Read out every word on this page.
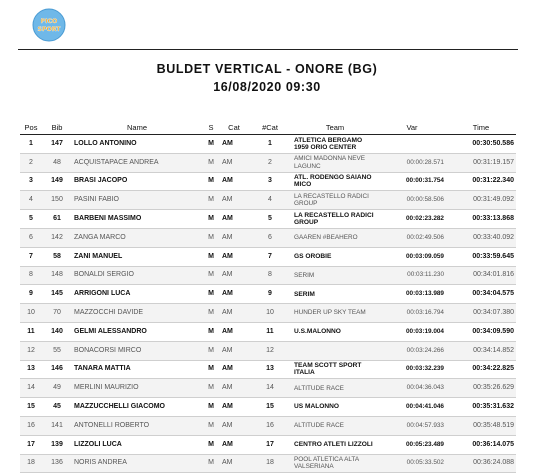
PICO
SPORT
BULDET VERTICAL - ONORE (BG)
16/08/2020 09:30
Pos	Bib	Name	S	Cat	#Cat	Team	Var	Time
1	147	LOLLO ANTONINO	M	AM	1	ATLETICA BERGAMO 1959 ORIO CENTER		00:30:50.586
2	48	ACQUISTAPACE ANDREA	M	AM	2	AMICI MADONNA NEVE LAGUNC	00:00:28.571	00:31:19.157
3	149	BRASI JACOPO	M	AM	3	ATL. RODENGO SAIANO MICO	00:00:31.754	00:31:22.340
4	150	PASINI FABIO	M	AM	4	LA RECASTELLO RADICI GROUP	00:00:58.506	00:31:49.092
5	61	BARBENI MASSIMO	M	AM	5	LA RECASTELLO RADICI GROUP	00:02:23.282	00:33:13.868
6	142	ZANGA MARCO	M	AM	6	GAAREN #BEAHERO	00:02:49.506	00:33:40.092
7	58	ZANI MANUEL	M	AM	7	GS OROBIE	00:03:09.059	00:33:59.645
8	148	BONALDI SERGIO	M	AM	8	SERIM	00:03:11.230	00:34:01.816
9	145	ARRIGONI LUCA	M	AM	9	SERIM	00:03:13.989	00:34:04.575
10	70	MAZZOCCHI DAVIDE	M	AM	10	HUNDER UP SKY TEAM	00:03:16.794	00:34:07.380
11	140	GELMI ALESSANDRO	M	AM	11	U.S.MALONNO	00:03:19.004	00:34:09.590
12	55	BONACORSI MIRCO	M	AM	12		00:03:24.266	00:34:14.852
13	146	TANARA MATTIA	M	AM	13	TEAM SCOTT SPORT ITALIA	00:03:32.239	00:34:22.825
14	49	MERLINI MAURIZIO	M	AM	14	ALTITUDE RACE	00:04:36.043	00:35:26.629
15	45	MAZZUCCHELLI GIACOMO	M	AM	15	US MALONNO	00:04:41.046	00:35:31.632
16	141	ANTONELLI ROBERTO	M	AM	16	ALTITUDE RACE	00:04:57.933	00:35:48.519
17	139	LIZZOLI LUCA	M	AM	17	CENTRO ATLETI LIZZOLI	00:05:23.489	00:36:14.075
18	136	NORIS ANDREA	M	AM	18	POOL ATLETICA ALTA VALSERIANA	00:05:33.502	00:36:24.088
